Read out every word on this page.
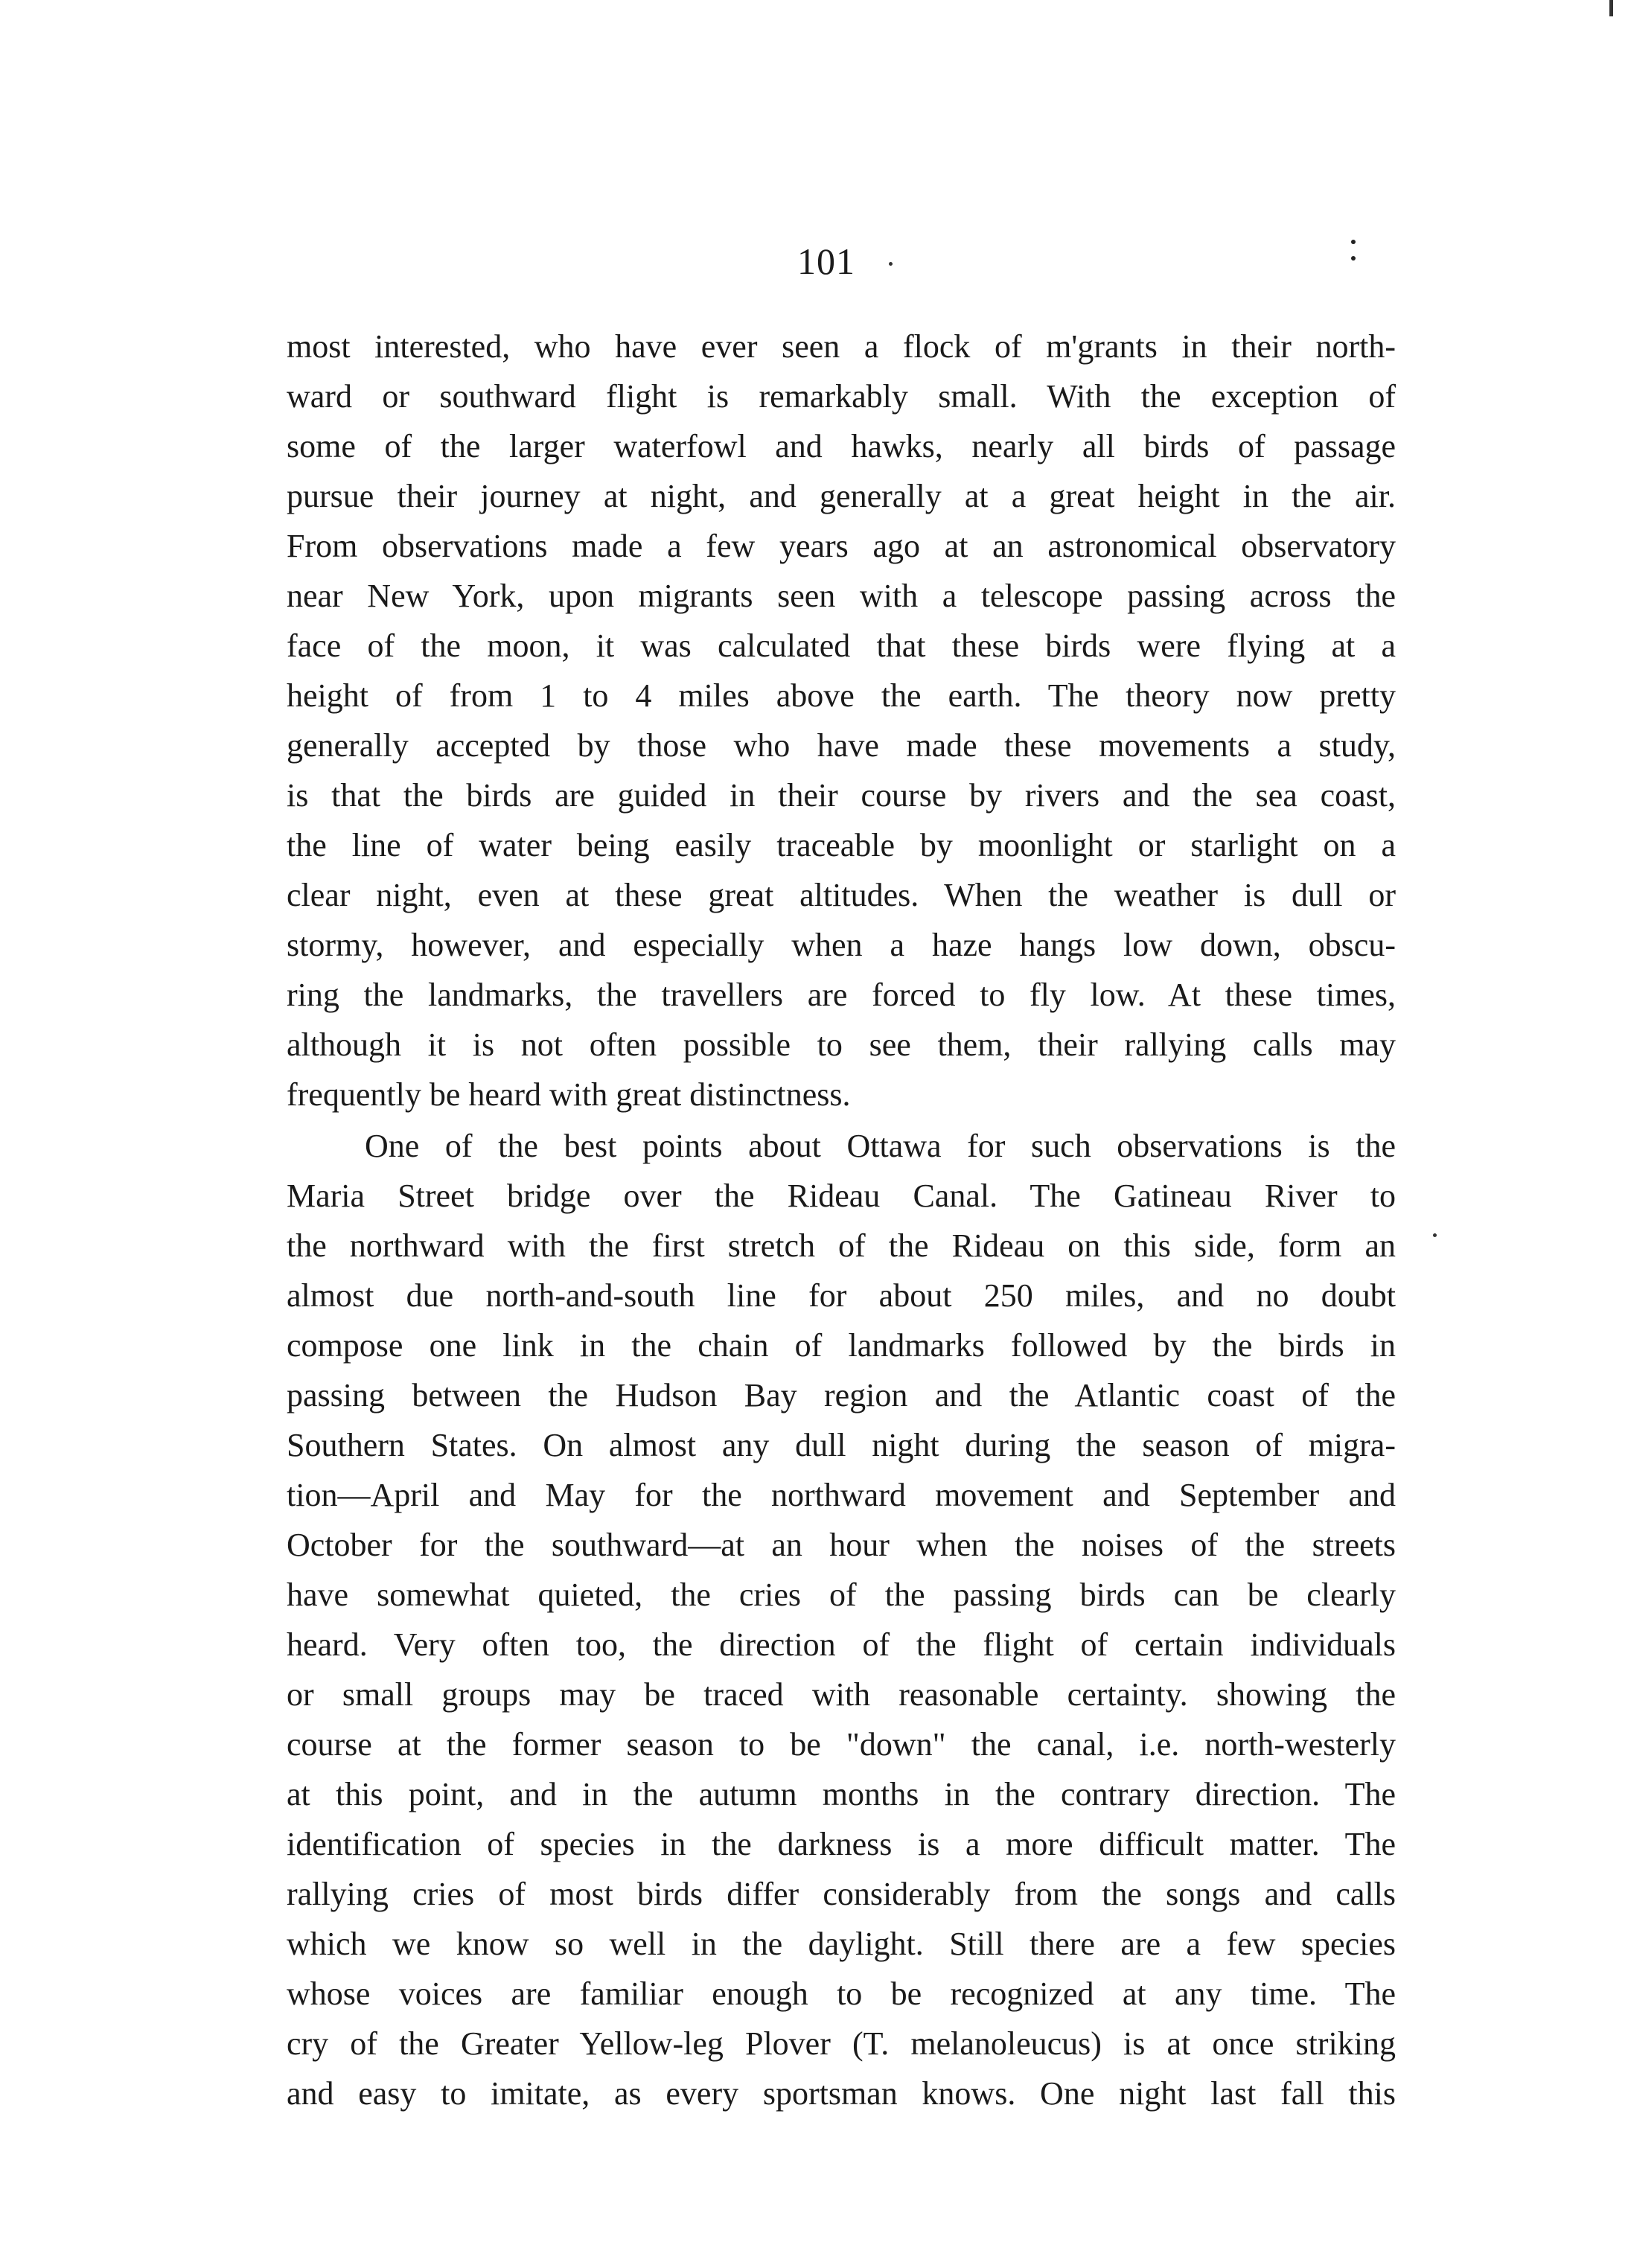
101
most interested, who have ever seen a flock of m'grants in their north-
ward or southward flight is remarkably small. With the exception of
some of the larger waterfowl and hawks, nearly all birds of passage
pursue their journey at night, and generally at a great height in the air.
From observations made a few years ago at an astronomical observatory
near New York, upon migrants seen with a telescope passing across the
face of the moon, it was calculated that these birds were flying at a
height of from 1 to 4 miles above the earth. The theory now pretty
generally accepted by those who have made these movements a study,
is that the birds are guided in their course by rivers and the sea coast,
the line of water being easily traceable by moonlight or starlight on a
clear night, even at these great altitudes. When the weather is dull or
stormy, however, and especially when a haze hangs low down, obscu-
ring the landmarks, the travellers are forced to fly low. At these times,
although it is not often possible to see them, their rallying calls may
frequently be heard with great distinctness.
One of the best points about Ottawa for such observations is the
Maria Street bridge over the Rideau Canal. The Gatineau River to
the northward with the first stretch of the Rideau on this side, form an
almost due north-and-south line for about 250 miles, and no doubt
compose one link in the chain of landmarks followed by the birds in
passing between the Hudson Bay region and the Atlantic coast of the
Southern States. On almost any dull night during the season of migra-
tion—April and May for the northward movement and September and
October for the southward—at an hour when the noises of the streets
have somewhat quieted, the cries of the passing birds can be clearly
heard. Very often too, the direction of the flight of certain individuals
or small groups may be traced with reasonable certainty. showing the
course at the former season to be "down" the canal, i.e. north-westerly
at this point, and in the autumn months in the contrary direction. The
identification of species in the darkness is a more difficult matter. The
rallying cries of most birds differ considerably from the songs and calls
which we know so well in the daylight. Still there are a few species
whose voices are familiar enough to be recognized at any time. The
cry of the Greater Yellow-leg Plover (T. melanoleucus) is at once striking
and easy to imitate, as every sportsman knows. One night last fall this
